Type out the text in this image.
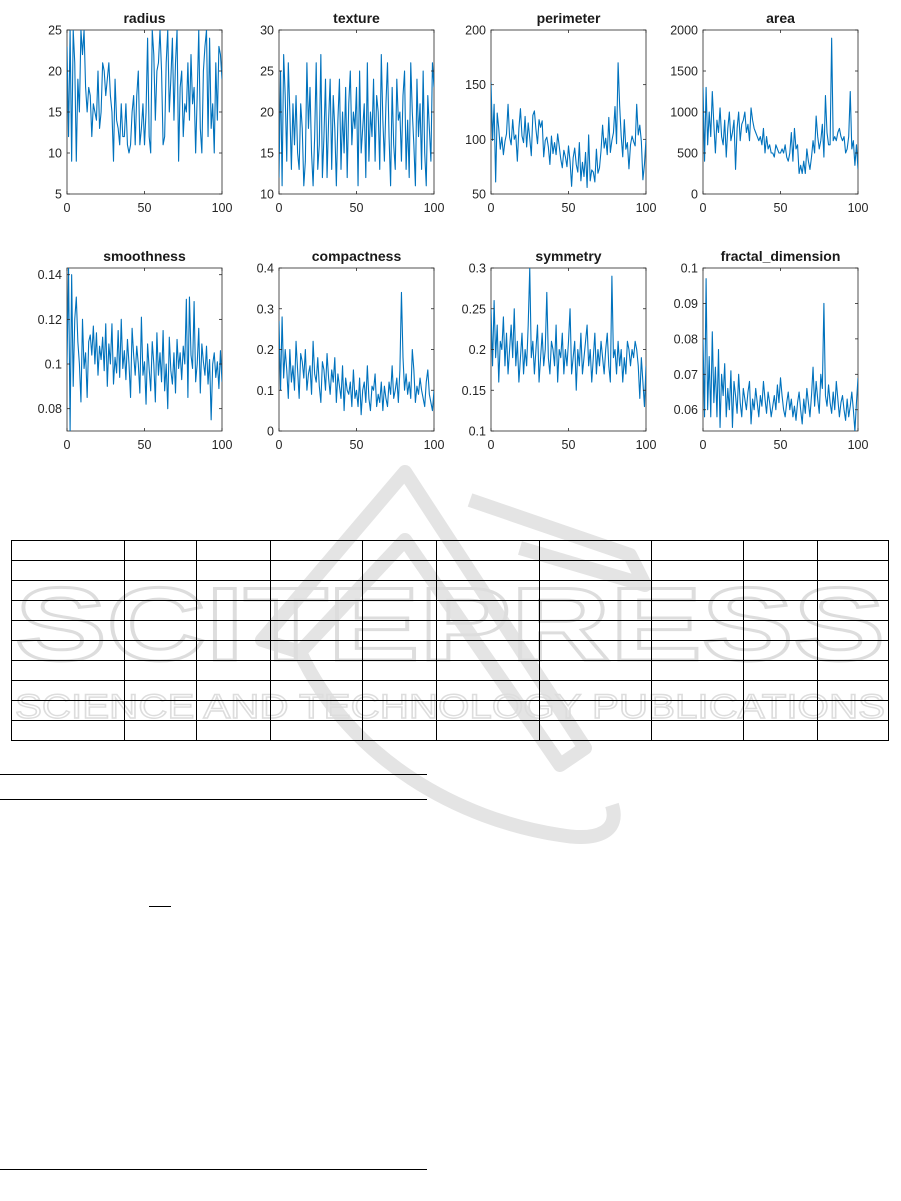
SCITEPRESS
SCIENCE AND TECHNOLOGY PUBLICATIONS
radius
0	50	100
5
10
15
20
25
texture
0	50	100
10
15
20
25
30
perimeter
0	50	100
50
100
150
200
area
0	50	100
0
500
1000
1500
2000
smoothness
0	50	100
0.08
0.1
0.12
0.14
compactness
0	50	100
0
0.1
0.2
0.3
0.4
symmetry
0	50	100
0.1
0.15
0.2
0.25
0.3
fractal_dimension
0	50	100
0.06
0.07
0.08
0.09
0.1
